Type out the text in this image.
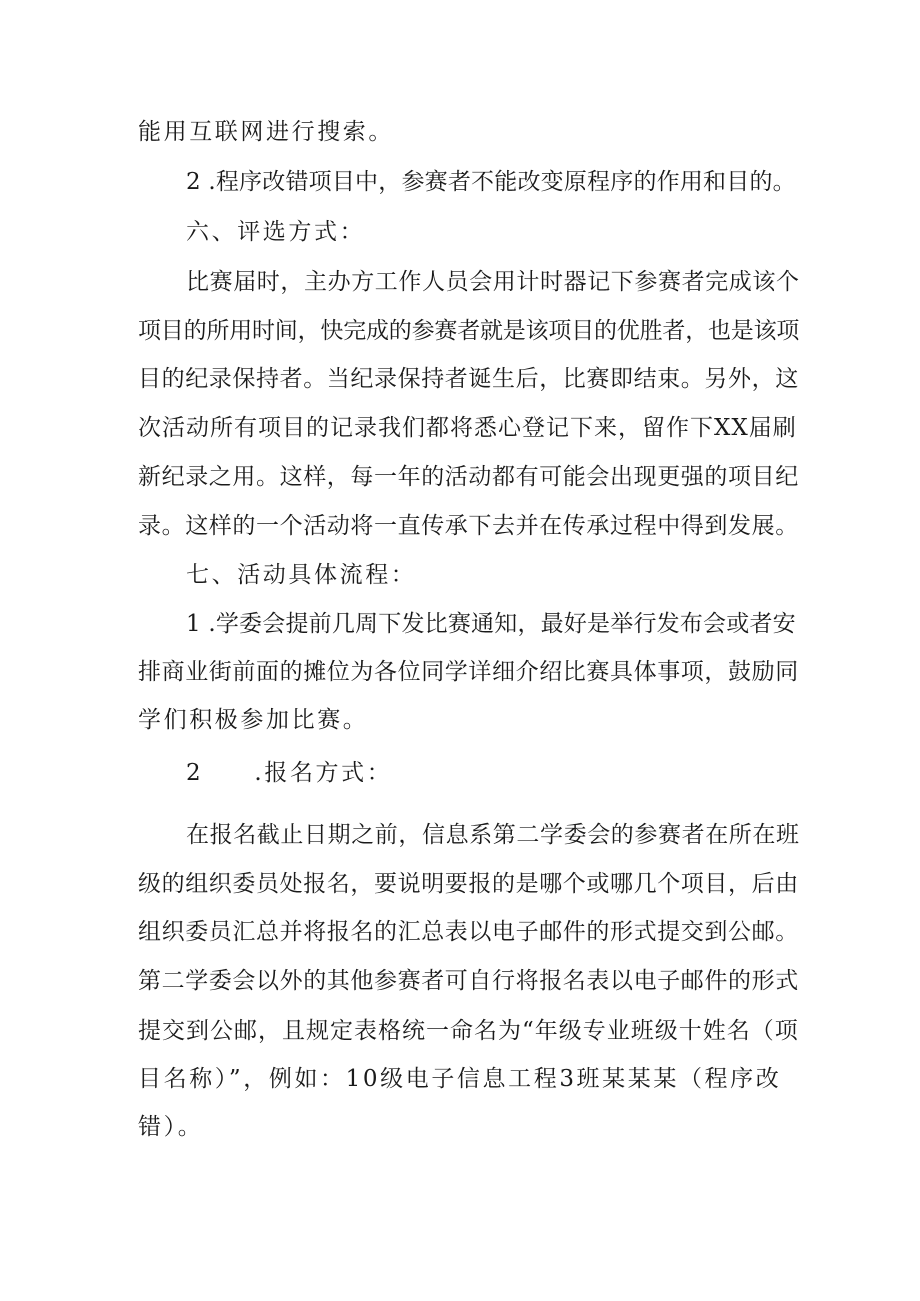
能用互联网进行搜索。
2 .程序改错项目中，参赛者不能改变原程序的作用和目的。
六、评选方式：
比赛届时，主办方工作人员会用计时器记下参赛者完成该个
项目的所用时间，快完成的参赛者就是该项目的优胜者，也是该项
目的纪录保持者。当纪录保持者诞生后，比赛即结束。另外，这
次活动所有项目的记录我们都将悉心登记下来，留作下XX届刷
新纪录之用。这样，每一年的活动都有可能会出现更强的项目纪
录。这样的一个活动将一直传承下去并在传承过程中得到发展。
七、活动具体流程：
1 .学委会提前几周下发比赛通知，最好是举行发布会或者安
排商业街前面的摊位为各位同学详细介绍比赛具体事项，鼓励同
学们积极参加比赛。
2　　.报名方式：
在报名截止日期之前，信息系第二学委会的参赛者在所在班
级的组织委员处报名，要说明要报的是哪个或哪几个项目，后由
组织委员汇总并将报名的汇总表以电子邮件的形式提交到公邮。
第二学委会以外的其他参赛者可自行将报名表以电子邮件的形式
提交到公邮，且规定表格统一命名为“年级专业班级十姓名（项
目名称）”，例如：10级电子信息工程3班某某某（程序改
错）。
